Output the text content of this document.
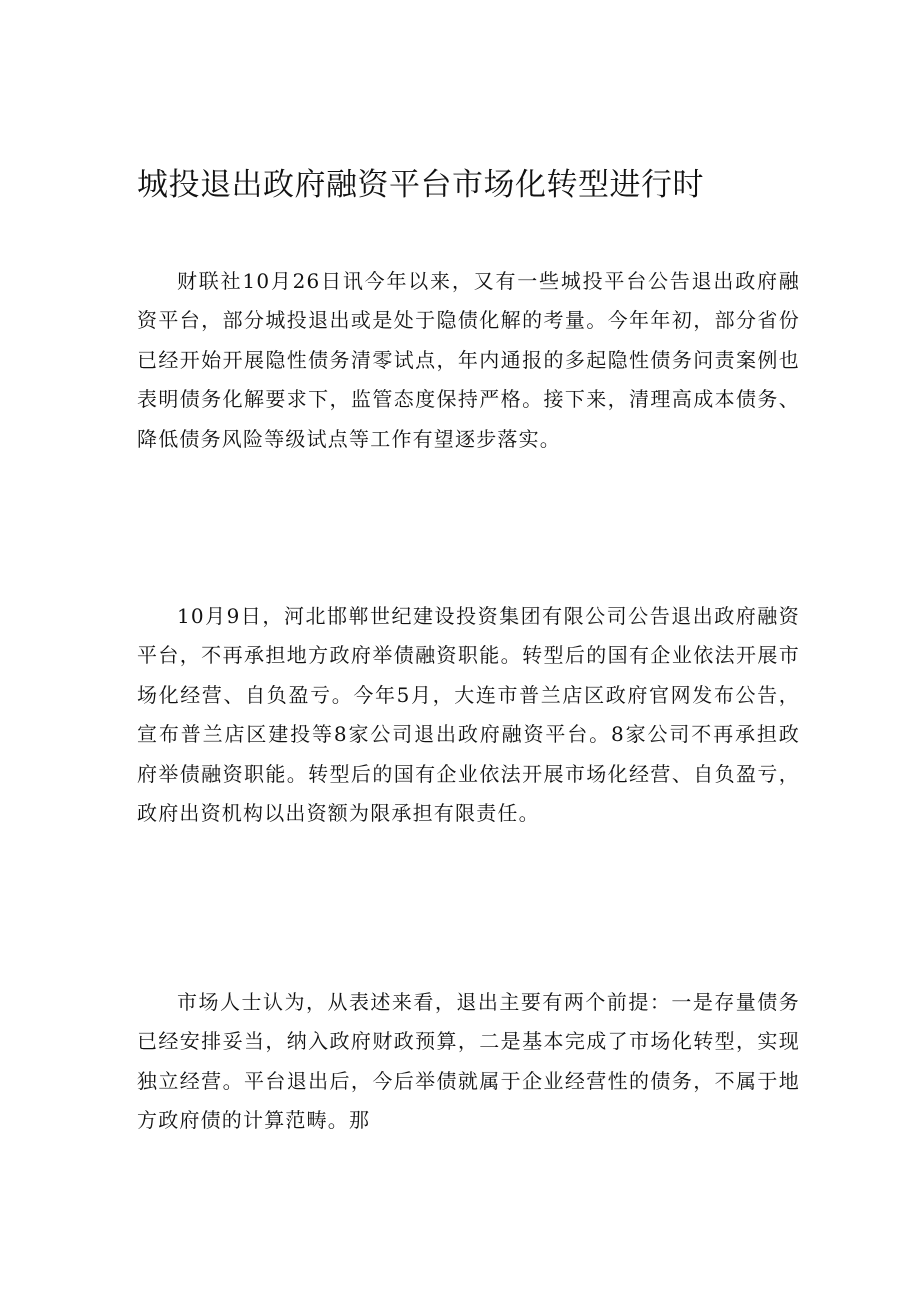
城投退出政府融资平台市场化转型进行时

财联社10月26日讯今年以来，又有一些城投平台公告退出政府融资平台，部分城投退出或是处于隐债化解的考量。今年年初，部分省份已经开始开展隐性债务清零试点，年内通报的多起隐性债务问责案例也表明债务化解要求下，监管态度保持严格。接下来，清理高成本债务、降低债务风险等级试点等工作有望逐步落实。

10月9日，河北邯郸世纪建设投资集团有限公司公告退出政府融资平台，不再承担地方政府举债融资职能。转型后的国有企业依法开展市场化经营、自负盈亏。今年5月，大连市普兰店区政府官网发布公告，宣布普兰店区建投等8家公司退出政府融资平台。8家公司不再承担政府举债融资职能。转型后的国有企业依法开展市场化经营、自负盈亏，政府出资机构以出资额为限承担有限责任。

市场人士认为，从表述来看，退出主要有两个前提：一是存量债务已经安排妥当，纳入政府财政预算，二是基本完成了市场化转型，实现独立经营。平台退出后，今后举债就属于企业经营性的债务，不属于地方政府债的计算范畴。那
